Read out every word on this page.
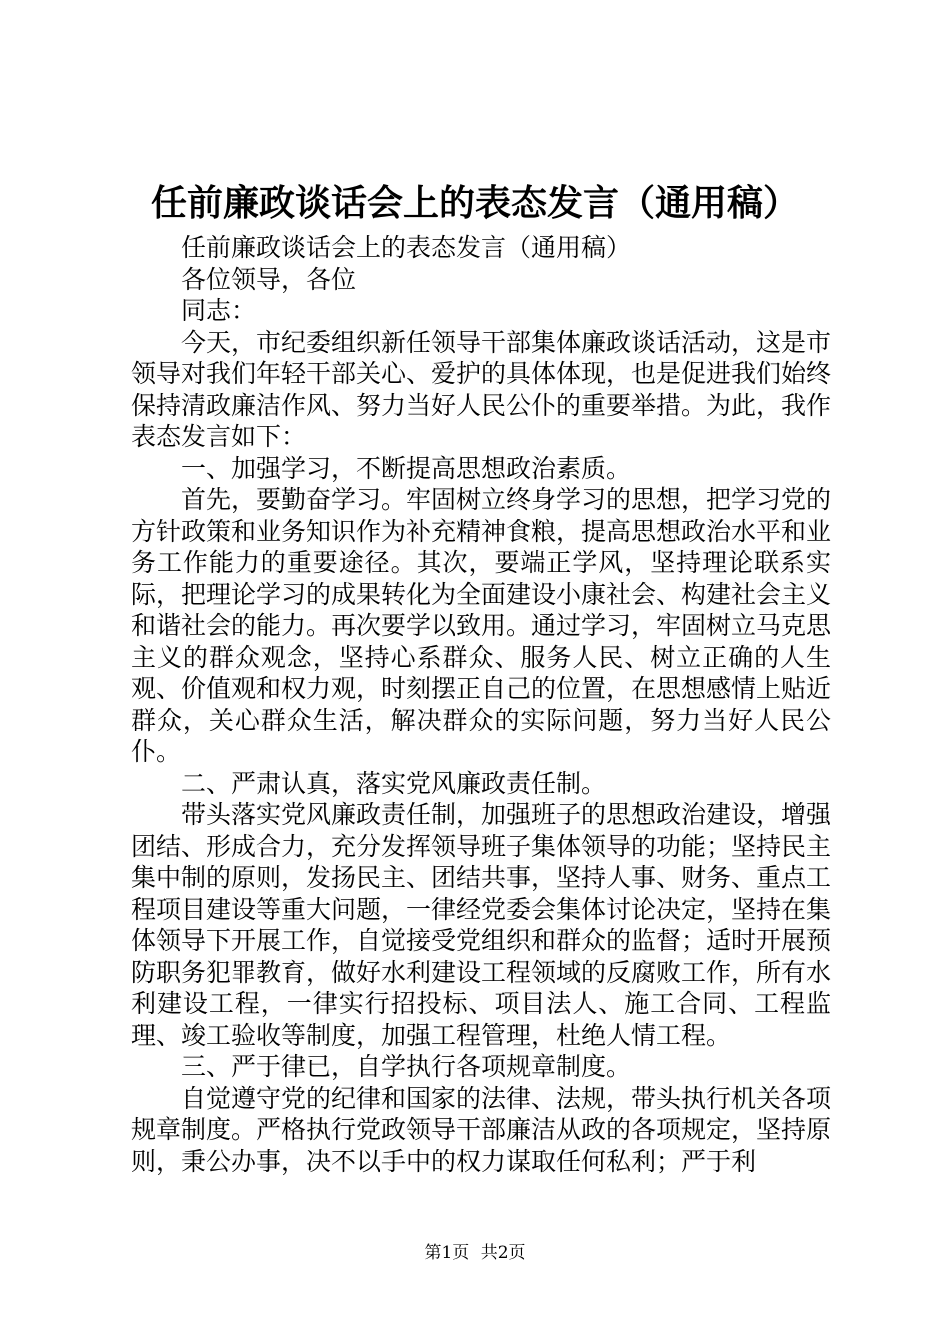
任前廉政谈话会上的表态发言（通用稿）

任前廉政谈话会上的表态发言（通用稿）

各位领导，各位

同志：

今天，市纪委组织新任领导干部集体廉政谈话活动，这是市领导对我们年轻干部关心、爱护的具体体现，也是促进我们始终保持清政廉洁作风、努力当好人民公仆的重要举措。为此，我作表态发言如下：

一、加强学习，不断提高思想政治素质。

首先，要勤奋学习。牢固树立终身学习的思想，把学习党的方针政策和业务知识作为补充精神食粮，提高思想政治水平和业务工作能力的重要途径。其次，要端正学风，坚持理论联系实际，把理论学习的成果转化为全面建设小康社会、构建社会主义和谐社会的能力。再次要学以致用。通过学习，牢固树立马克思主义的群众观念，坚持心系群众、服务人民、树立正确的人生观、价值观和权力观，时刻摆正自己的位置，在思想感情上贴近群众，关心群众生活，解决群众的实际问题，努力当好人民公仆。

二、严肃认真，落实党风廉政责任制。

带头落实党风廉政责任制，加强班子的思想政治建设，增强团结、形成合力，充分发挥领导班子集体领导的功能；坚持民主集中制的原则，发扬民主、团结共事，坚持人事、财务、重点工程项目建设等重大问题，一律经党委会集体讨论决定，坚持在集体领导下开展工作，自觉接受党组织和群众的监督；适时开展预防职务犯罪教育，做好水利建设工程领域的反腐败工作，所有水利建设工程，一律实行招投标、项目法人、施工合同、工程监理、竣工验收等制度，加强工程管理，杜绝人情工程。

三、严于律已，自学执行各项规章制度。

自觉遵守党的纪律和国家的法律、法规，带头执行机关各项规章制度。严格执行党政领导干部廉洁从政的各项规定，坚持原则，秉公办事，决不以手中的权力谋取任何私利；严于利

第1页 共2页
